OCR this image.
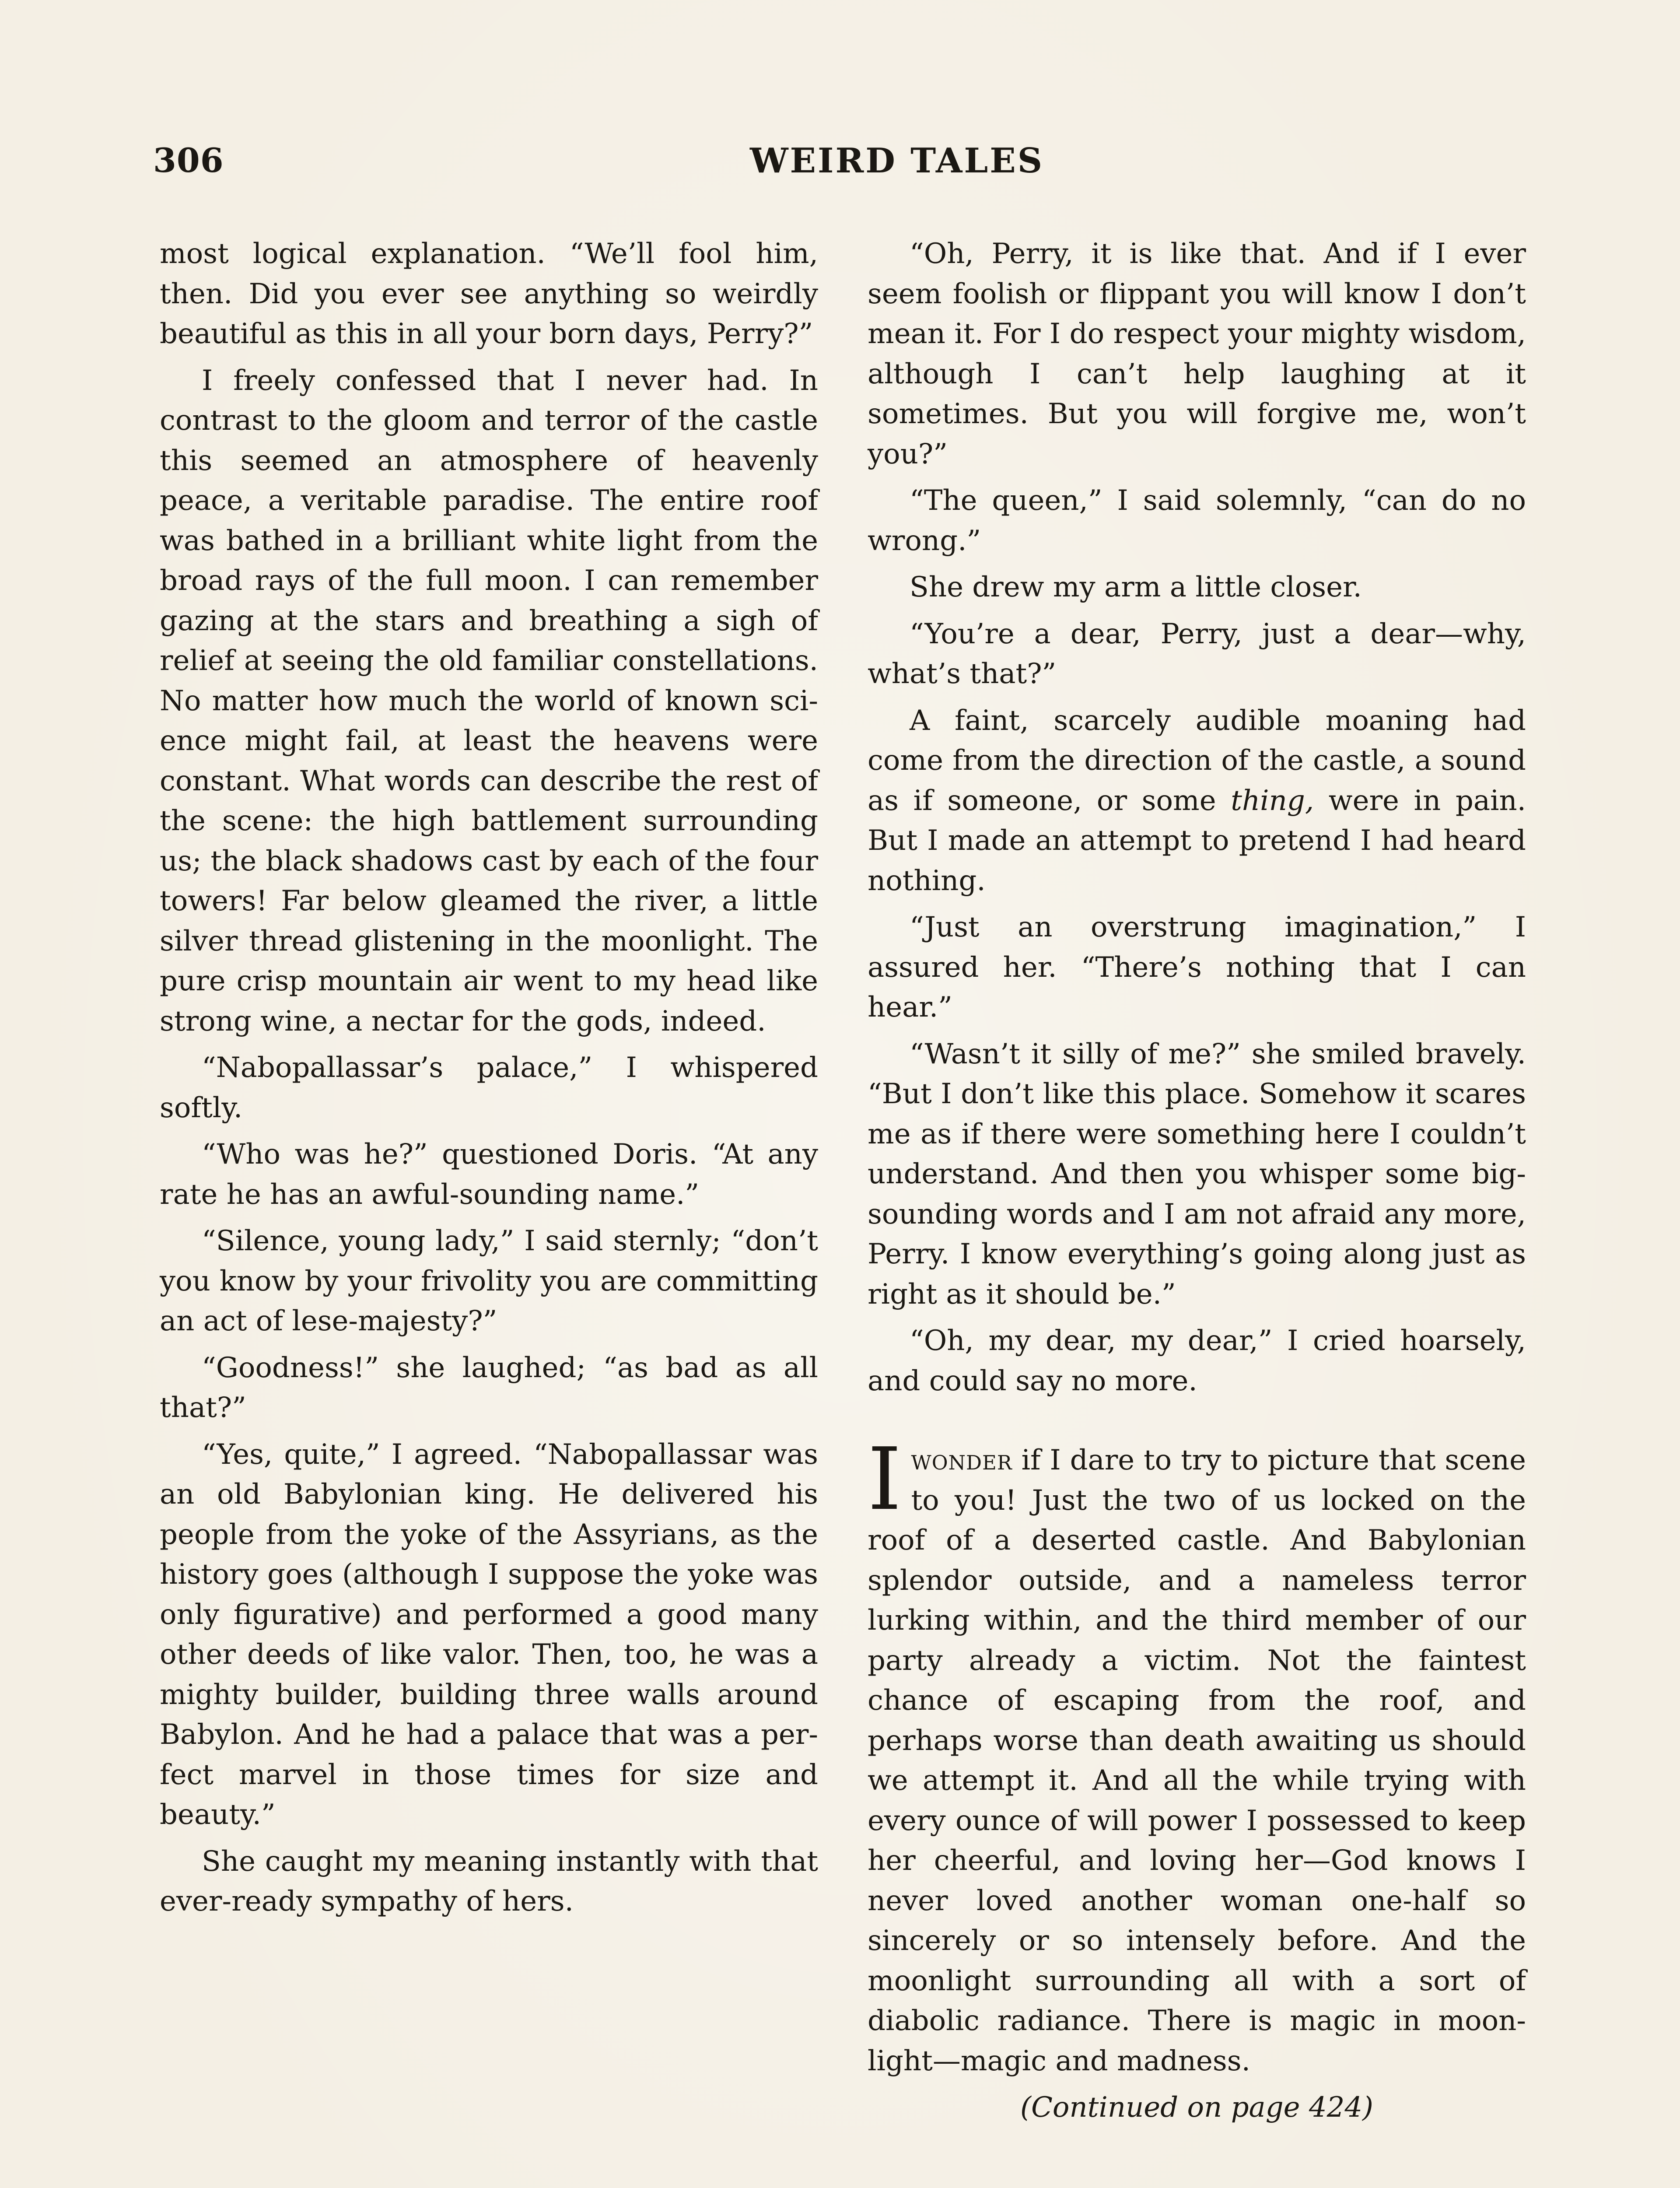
306	WEIRD TALES

most logical explanation. “We’ll fool him, then. Did you ever see anything so weirdly beautiful as this in all your born days, Perry?”

I freely confessed that I never had. In contrast to the gloom and terror of the castle this seemed an atmosphere of heavenly peace, a veritable paradise. The entire roof was bathed in a brilliant white light from the broad rays of the full moon. I can remember gazing at the stars and breathing a sigh of relief at seeing the old familiar constellations. No matter how much the world of known science might fail, at least the heavens were constant. What words can describe the rest of the scene: the high battlement surrounding us; the black shadows cast by each of the four towers! Far below gleamed the river, a little silver thread glistening in the moonlight. The pure crisp mountain air went to my head like strong wine, a nectar for the gods, indeed.

“Nabopallassar’s palace,” I whispered softly.

“Who was he?” questioned Doris. “At any rate he has an awful-sounding name.”

“Silence, young lady,” I said sternly; “don’t you know by your frivolity you are committing an act of lese-majesty?”

“Goodness!” she laughed; “as bad as all that?”

“Yes, quite,” I agreed. “Nabopallassar was an old Babylonian king. He delivered his people from the yoke of the Assyrians, as the history goes (although I suppose the yoke was only figurative) and performed a good many other deeds of like valor. Then, too, he was a mighty builder, building three walls around Babylon. And he had a palace that was a perfect marvel in those times for size and beauty.”

She caught my meaning instantly with that ever-ready sympathy of hers.

“Oh, Perry, it is like that. And if I ever seem foolish or flippant you will know I don’t mean it. For I do respect your mighty wisdom, although I can’t help laughing at it sometimes. But you will forgive me, won’t you?”

“The queen,” I said solemnly, “can do no wrong.”

She drew my arm a little closer.

“You’re a dear, Perry, just a dear—why, what’s that?”

A faint, scarcely audible moaning had come from the direction of the castle, a sound as if someone, or some thing, were in pain. But I made an attempt to pretend I had heard nothing.

“Just an overstrung imagination,” I assured her. “There’s nothing that I can hear.”

“Wasn’t it silly of me?” she smiled bravely. “But I don’t like this place. Somehow it scares me as if there were something here I couldn’t understand. And then you whisper some big-sounding words and I am not afraid any more, Perry. I know everything’s going along just as right as it should be.”

“Oh, my dear, my dear,” I cried hoarsely, and could say no more.

Iwonder if I dare to try to picture that scene to you! Just the two of us locked on the roof of a deserted castle. And Babylonian splendor outside, and a nameless terror lurking within, and the third member of our party already a victim. Not the faintest chance of escaping from the roof, and perhaps worse than death awaiting us should we attempt it. And all the while trying with every ounce of will power I possessed to keep her cheerful, and loving her—God knows I never loved another woman one-half so sincerely or so intensely before. And the moonlight surrounding all with a sort of diabolic radiance. There is magic in moonlight—magic and madness.

(Continued on page 424)
